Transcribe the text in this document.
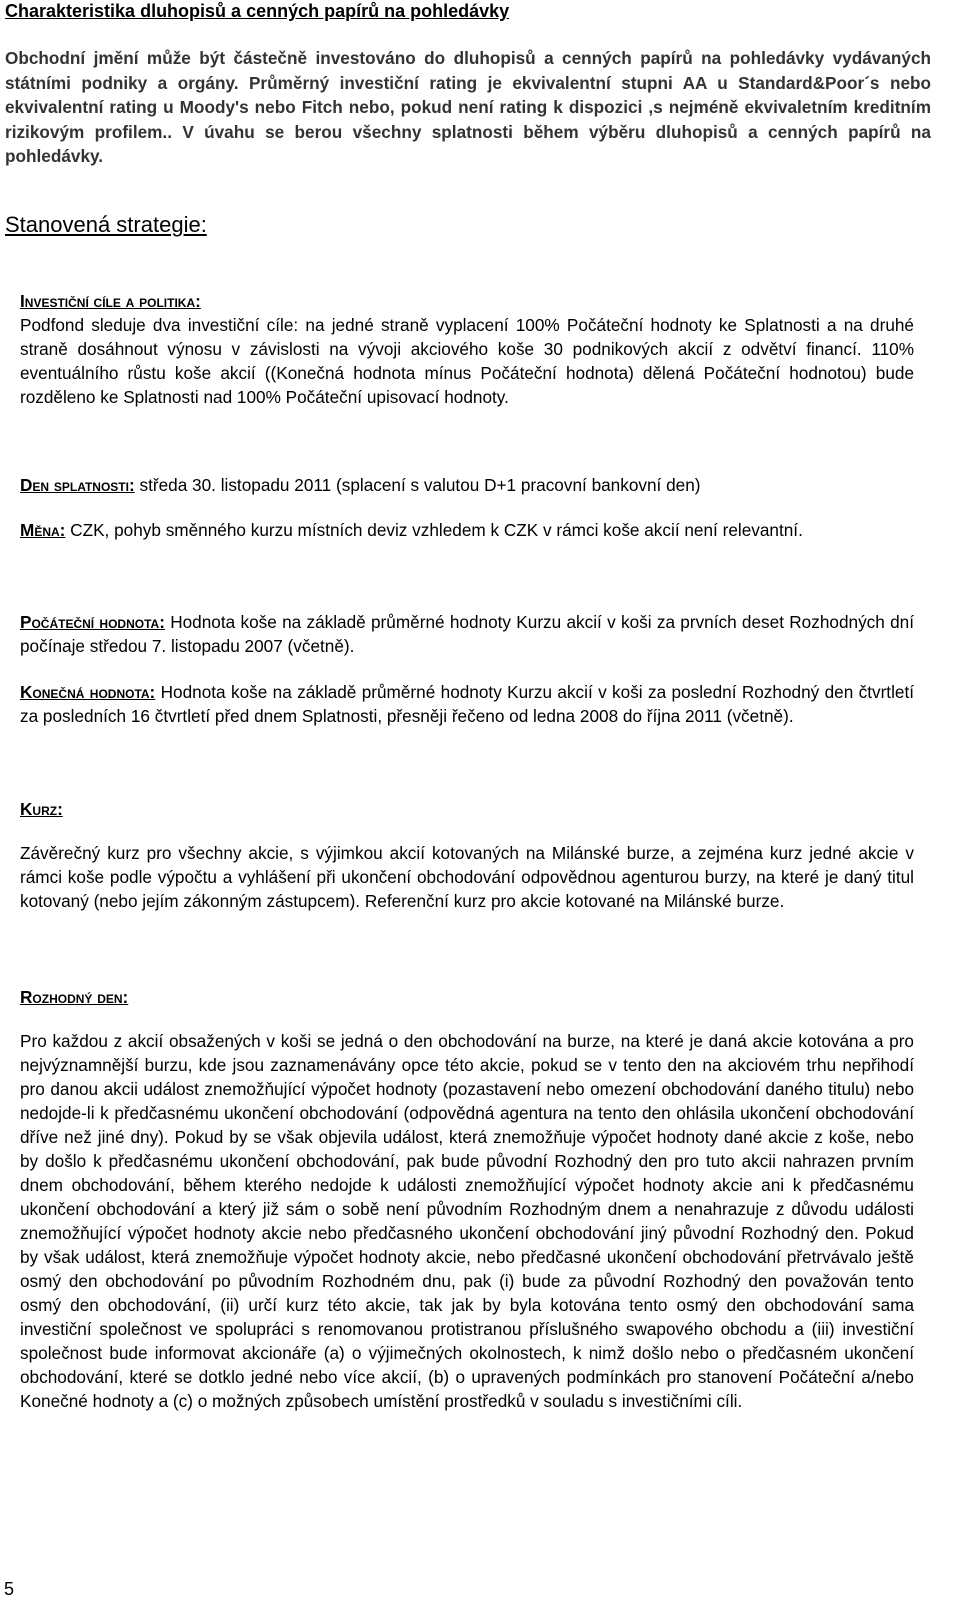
Charakteristika dluhopisů a cenných papírů na pohledávky
Obchodní jmění může být částečně investováno do dluhopisů a cenných papírů na pohledávky vydávaných státními podniky a orgány. Průměrný investiční rating je ekvivalentní stupni AA u Standard&Poor´s nebo ekvivalentní rating u Moody's nebo Fitch nebo, pokud není rating k dispozici ,s nejméně ekvivaletním kreditním rizikovým profilem.. V úvahu se berou všechny splatnosti během výběru dluhopisů a cenných papírů na pohledávky.
Stanovená strategie:
Investiční cíle a politika:
Podfond sleduje dva investiční cíle: na jedné straně vyplacení 100% Počáteční hodnoty ke Splatnosti a na druhé straně dosáhnout výnosu v závislosti na vývoji akciového koše 30 podnikových akcií z odvětví financí. 110% eventuálního růstu koše akcií ((Konečná hodnota mínus Počáteční hodnota) dělená Počáteční hodnotou) bude rozděleno ke Splatnosti nad 100% Počáteční upisovací hodnoty.
Den splatnosti: středa 30. listopadu 2011 (splacení s valutou D+1 pracovní bankovní den)
Měna: CZK, pohyb směnného kurzu místních deviz vzhledem k CZK v rámci koše akcií není relevantní.
Počáteční hodnota: Hodnota koše na základě průměrné hodnoty Kurzu akcií v koši za prvních deset Rozhodných dní počínaje středou 7. listopadu 2007 (včetně).
Konečná hodnota: Hodnota koše na základě průměrné hodnoty Kurzu akcií v koši za poslední Rozhodný den čtvrtletí za posledních 16 čtvrtletí před dnem Splatnosti, přesněji řečeno od ledna 2008 do října 2011 (včetně).
Kurz:
Závěrečný kurz pro všechny akcie, s výjimkou akcií kotovaných na Milánské burze, a zejména kurz jedné akcie v rámci koše podle výpočtu a vyhlášení při ukončení obchodování odpovědnou agenturou burzy, na které je daný titul kotovaný (nebo jejím zákonným zástupcem). Referenční kurz pro akcie kotované na Milánské burze.
Rozhodný den:
Pro každou z akcií obsažených v koši se jedná o den obchodování na burze, na které je daná akcie kotována a pro nejvýznamnější burzu, kde jsou zaznamenávány opce této akcie, pokud se v tento den na akciovém trhu nepřihodí pro danou akcii událost znemožňující výpočet hodnoty (pozastavení nebo omezení obchodování daného titulu) nebo nedojde-li k předčasnému ukončení obchodování (odpovědná agentura na tento den ohlásila ukončení obchodování dříve než jiné dny). Pokud by se však objevila událost, která znemožňuje výpočet hodnoty dané akcie z koše, nebo by došlo k předčasnému ukončení obchodování, pak bude původní Rozhodný den pro tuto akcii nahrazen prvním dnem obchodování, během kterého nedojde k události znemožňující výpočet hodnoty akcie ani k předčasnému ukončení obchodování a který již sám o sobě není původním Rozhodným dnem a nenahrazuje z důvodu události znemožňující výpočet hodnoty akcie nebo předčasného ukončení obchodování jiný původní Rozhodný den. Pokud by však událost, která znemožňuje výpočet hodnoty akcie, nebo předčasné ukončení obchodování přetrvávalo ještě osmý den obchodování po původním Rozhodném dnu, pak (i) bude za původní Rozhodný den považován tento osmý den obchodování, (ii) určí kurz této akcie, tak jak by byla kotována tento osmý den obchodování sama investiční společnost ve spolupráci s renomovanou protistranou příslušného swapového obchodu a (iii) investiční společnost bude informovat akcionáře (a) o výjimečných okolnostech, k nimž došlo nebo o předčasném ukončení obchodování, které se dotklo jedné nebo více akcií, (b) o upravených podmínkách pro stanovení Počáteční a/nebo Konečné hodnoty a (c) o možných způsobech umístění prostředků v souladu s investičními cíli.
5
